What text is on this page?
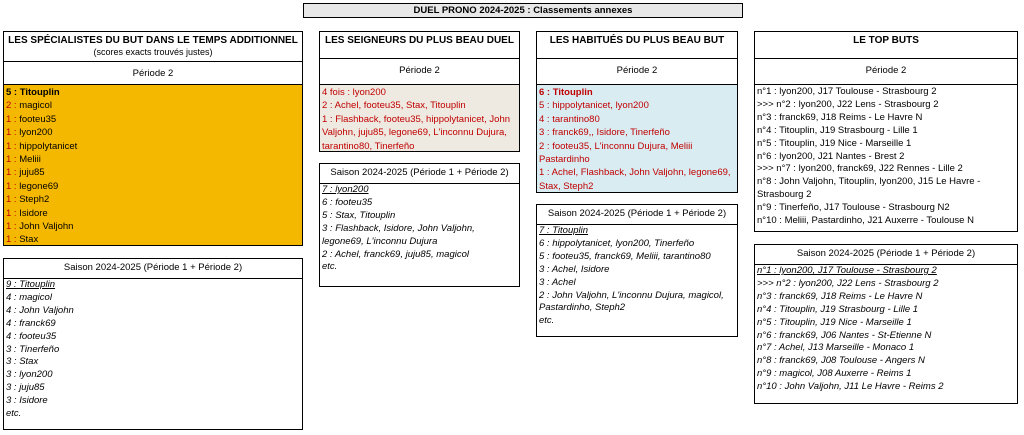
DUEL PRONO 2024-2025 : Classements annexes
LES SPÉCIALISTES DU BUT DANS LE TEMPS ADDITIONNEL
(scores exacts trouvés justes)
Période 2
5 : Titouplin
2 : magicol
1 : footeu35
1 : lyon200
1 : hippolytanicet
1 : Meliii
1 : juju85
1 : legone69
1 : Steph2
1 : Isidore
1 : John Valjohn
1 : Stax
Saison 2024-2025 (Période 1 + Période 2)
9 : Titouplin
4 : magicol
4 : John Valjohn
4 : franck69
4 : footeu35
3 : Tinerfeño
3 : Stax
3 : lyon200
3 : juju85
3 : Isidore
etc.
LES SEIGNEURS DU PLUS BEAU DUEL
Période 2
4 fois : lyon200
2 : Achel, footeu35, Stax, Titouplin
1 : Flashback, footeu35, hippolytanicet, John Valjohn, juju85, legone69, L'inconnu Dujura, tarantino80, Tinerfeño
Saison 2024-2025 (Période 1 + Période 2)
7 : lyon200
6 : footeu35
5 : Stax, Titouplin
3 : Flashback, Isidore, John Valjohn, legone69, L'inconnu Dujura
2 : Achel, franck69, juju85, magicol
etc.
LES HABITUÉS DU PLUS BEAU BUT
Période 2
6 : Titouplin
5 : hippolytanicet, lyon200
4 : tarantino80
3 : franck69,, Isidore, Tinerfeño
2 : footeu35, L'inconnu Dujura, Meliii Pastardinho
1 : Achel, Flashback, John Valjohn, legone69, Stax, Steph2
Saison 2024-2025 (Période 1 + Période 2)
7 : Titouplin
6 : hippolytanicet, lyon200, Tinerfeño
5 : footeu35, franck69, Meliii, tarantino80
3 : Achel, Isidore
3 : Achel
2 : John Valjohn, L'inconnu Dujura, magicol, Pastardinho, Steph2
etc.
LE TOP BUTS
Période 2
n°1 : lyon200, J17 Toulouse - Strasbourg 2
>>> n°2 : lyon200, J22 Lens - Strasbourg 2
n°3 : franck69, J18 Reims - Le Havre N
n°4 : Titouplin, J19 Strasbourg - Lille 1
n°5 : Titouplin, J19 Nice - Marseille 1
n°6 : lyon200, J21 Nantes - Brest 2
>>> n°7 : lyon200, franck69, J22 Rennes - Lille 2
n°8 : John Valjohn, Titouplin, lyon200, J15 Le Havre - Strasbourg 2
n°9 : Tinerfeño, J17 Toulouse - Strasbourg N2
n°10 : Meliii, Pastardinho, J21 Auxerre - Toulouse N
Saison 2024-2025 (Période 1 + Période 2)
n°1 : lyon200, J17 Toulouse - Strasbourg 2
>>> n°2 : lyon200, J22 Lens - Strasbourg 2
n°3 : franck69, J18 Reims - Le Havre N
n°4 : Titouplin, J19 Strasbourg - Lille 1
n°5 : Titouplin, J19 Nice - Marseille 1
n°6 : franck69, J06 Nantes - St-Etienne N
n°7 : Achel, J13 Marseille - Monaco 1
n°8 : franck69, J08 Toulouse - Angers N
n°9 : magicol, J08 Auxerre - Reims 1
n°10 : John Valjohn, J11 Le Havre - Reims 2
